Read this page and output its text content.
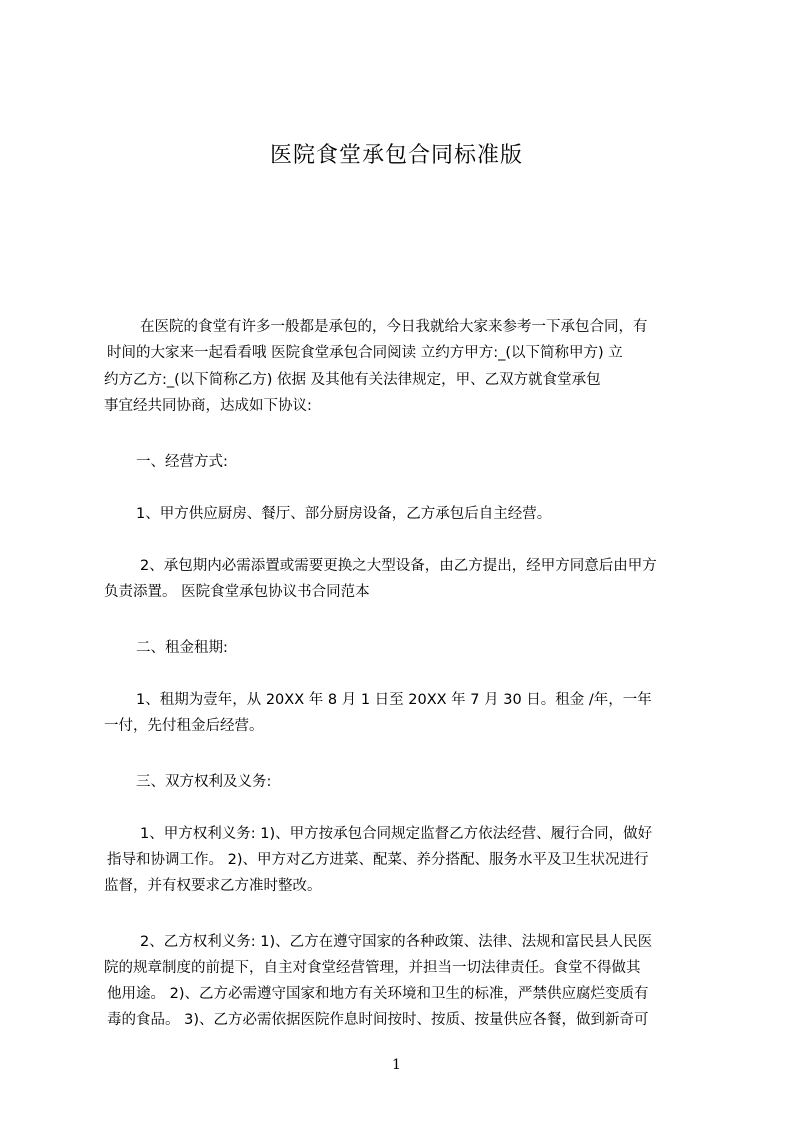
医院食堂承包合同标准版
在医院的食堂有许多一般都是承包的，今日我就给大家来参考一下承包合同，有
时间的大家来一起看看哦 医院食堂承包合同阅读 立约方甲方:_(以下简称甲方) 立
约方乙方:_(以下简称乙方) 依据 及其他有关法律规定，甲、乙双方就食堂承包
事宜经共同协商，达成如下协议:
一、经营方式:
1、甲方供应厨房、餐厅、部分厨房设备，乙方承包后自主经营。
2、承包期内必需添置或需要更换之大型设备，由乙方提出，经甲方同意后由甲方
负责添置。 医院食堂承包协议书合同范本
二、租金租期:
1、租期为壹年，从 20XX 年 8 月 1 日至 20XX 年 7 月 30 日。租金 /年，一年
一付，先付租金后经营。
三、双方权利及义务:
1、甲方权利义务: 1)、甲方按承包合同规定监督乙方依法经营、履行合同，做好
指导和协调工作。 2)、甲方对乙方进菜、配菜、养分搭配、服务水平及卫生状况进行
监督，并有权要求乙方准时整改。
2、乙方权利义务: 1)、乙方在遵守国家的各种政策、法律、法规和富民县人民医
院的规章制度的前提下，自主对食堂经营管理，并担当一切法律责任。食堂不得做其
他用途。 2)、乙方必需遵守国家和地方有关环境和卫生的标准，严禁供应腐烂变质有
毒的食品。 3)、乙方必需依据医院作息时间按时、按质、按量供应各餐，做到新奇可
1
